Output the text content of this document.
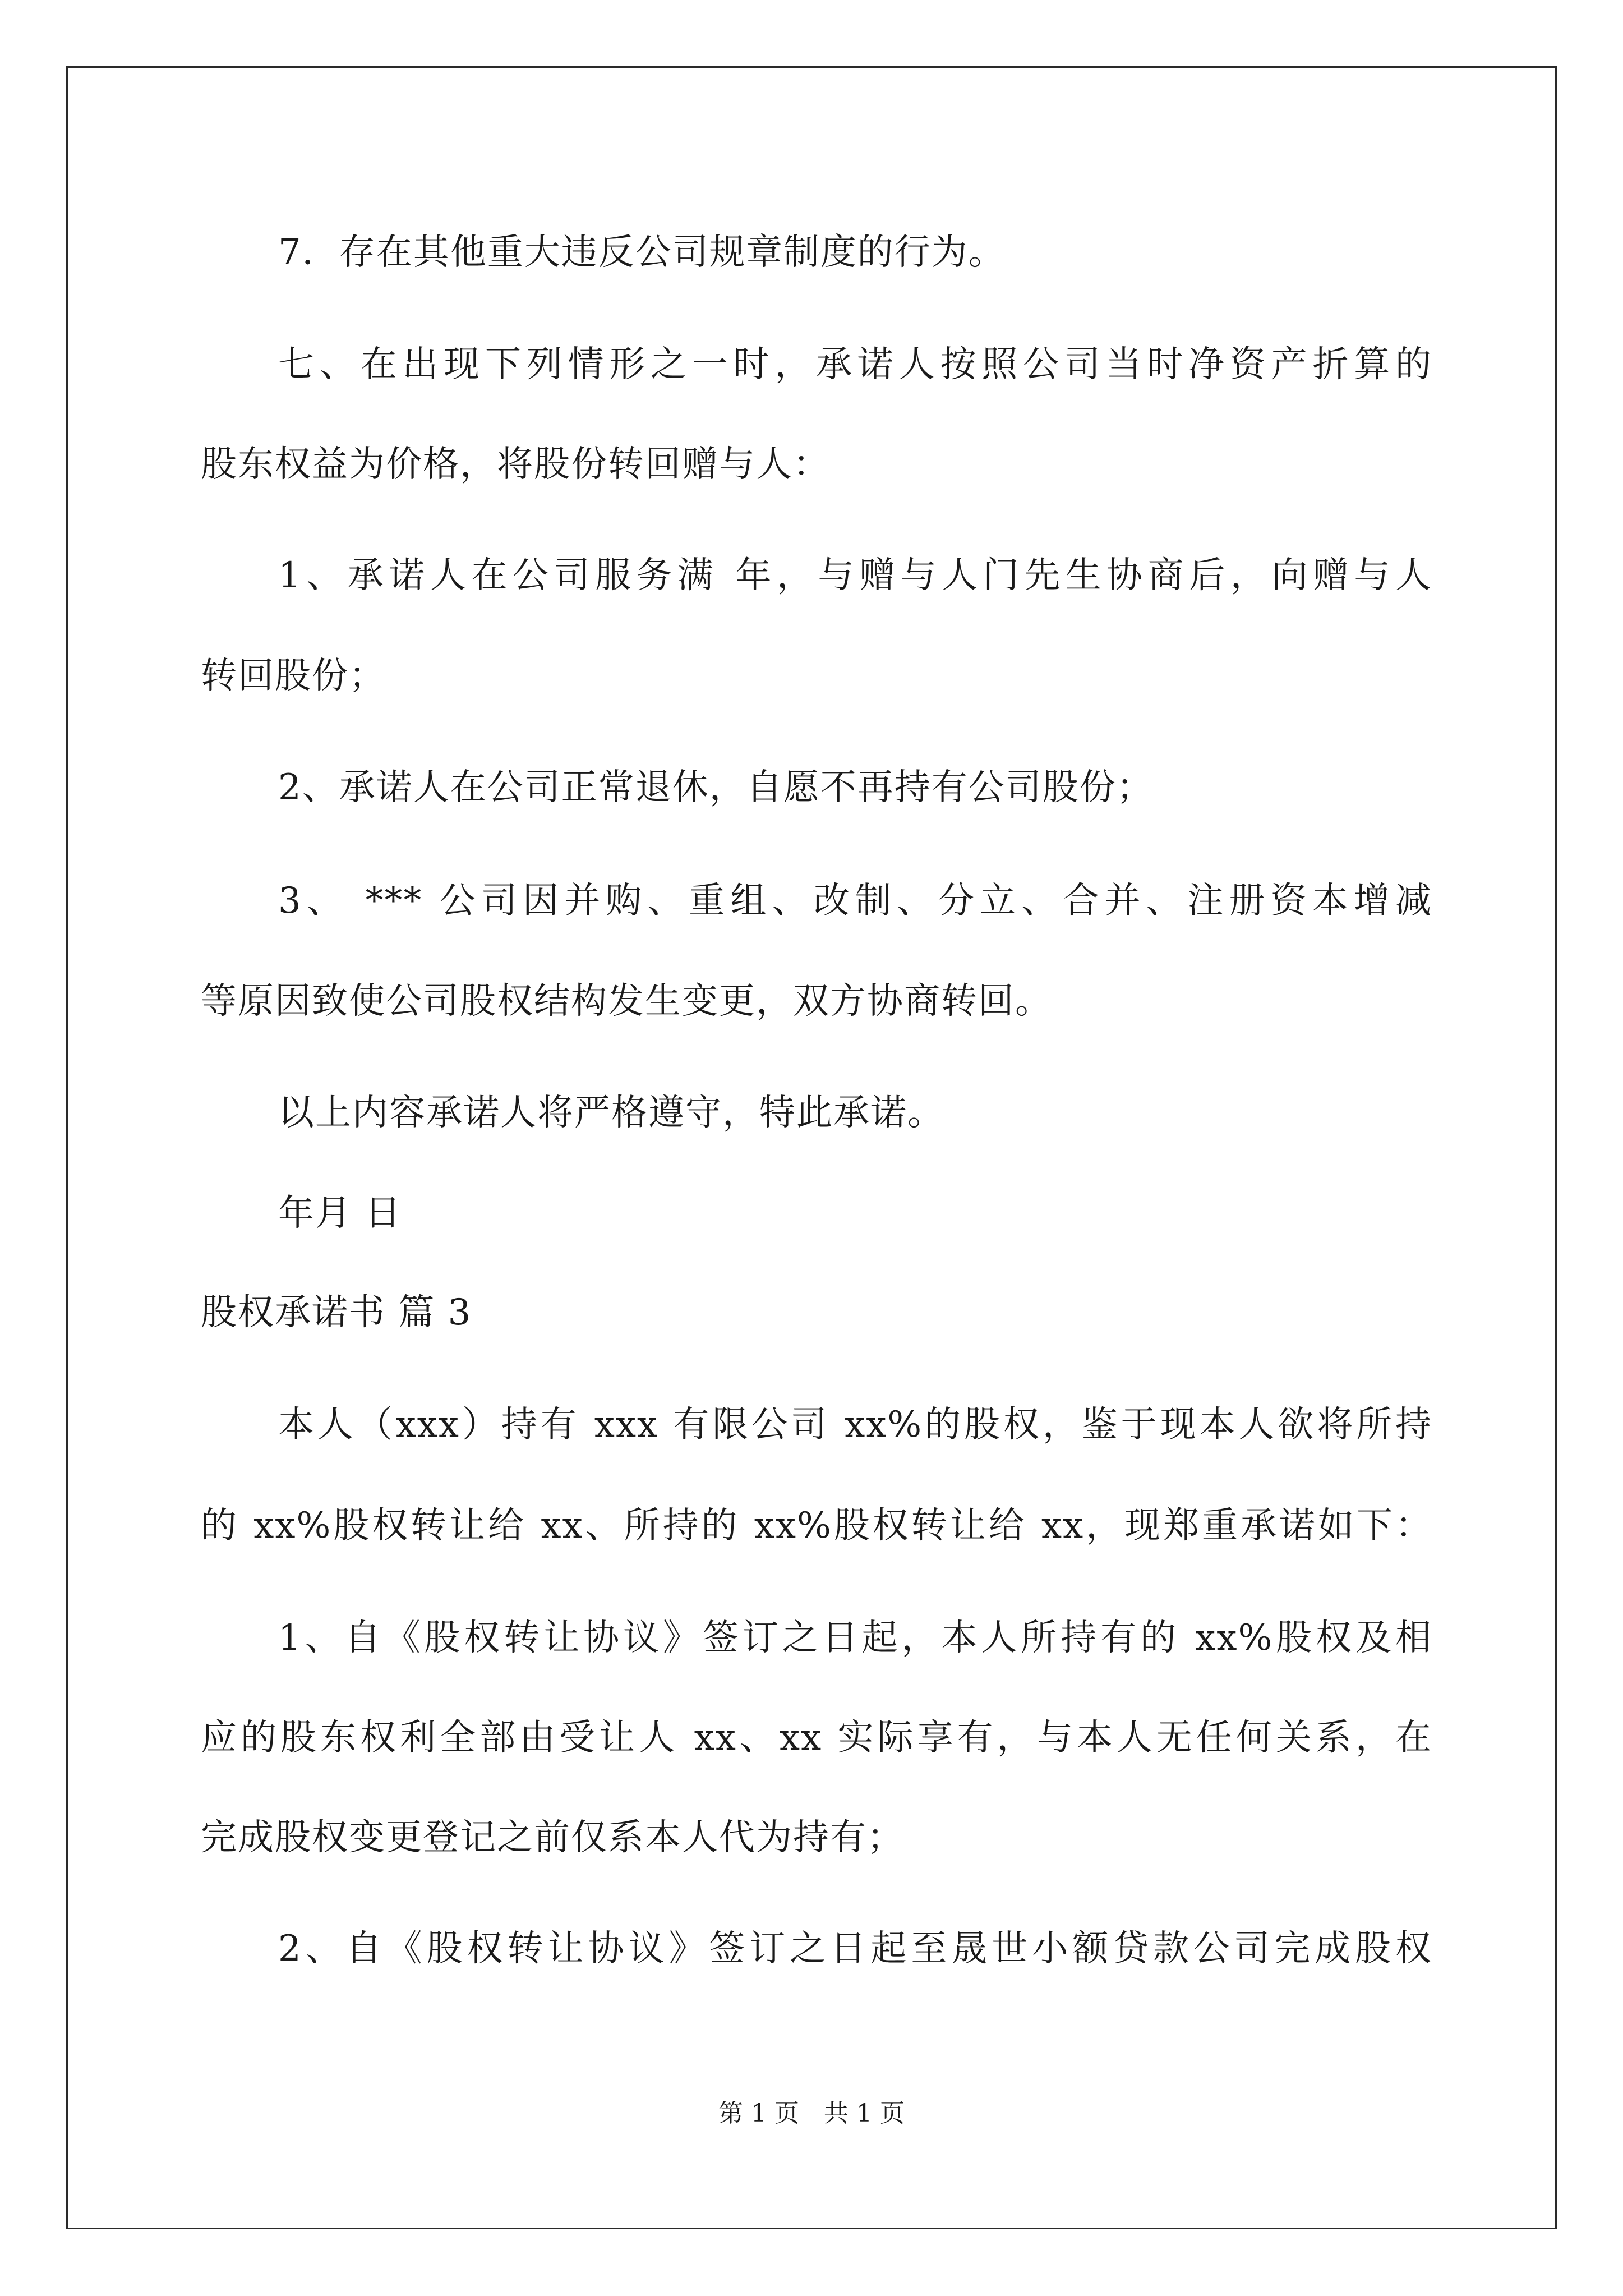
7．存在其他重大违反公司规章制度的行为。
七、在出现下列情形之一时，承诺人按照公司当时净资产折算的
股东权益为价格，将股份转回赠与人：
1、承诺人在公司服务满 年，与赠与人门先生协商后，向赠与人
转回股份；
2、承诺人在公司正常退休，自愿不再持有公司股份；
3、 *** 公司因并购、重组、改制、分立、合并、注册资本增减
等原因致使公司股权结构发生变更，双方协商转回。
以上内容承诺人将严格遵守，特此承诺。
年月 日
股权承诺书 篇 3
本人（xxx）持有 xxx 有限公司 xx%的股权，鉴于现本人欲将所持
的 xx%股权转让给 xx、所持的 xx%股权转让给 xx，现郑重承诺如下：
1、自《股权转让协议》签订之日起，本人所持有的 xx%股权及相
应的股东权利全部由受让人 xx、xx 实际享有，与本人无任何关系，在
完成股权变更登记之前仅系本人代为持有；
2、自《股权转让协议》签订之日起至晟世小额贷款公司完成股权
第 1 页　共 1 页
